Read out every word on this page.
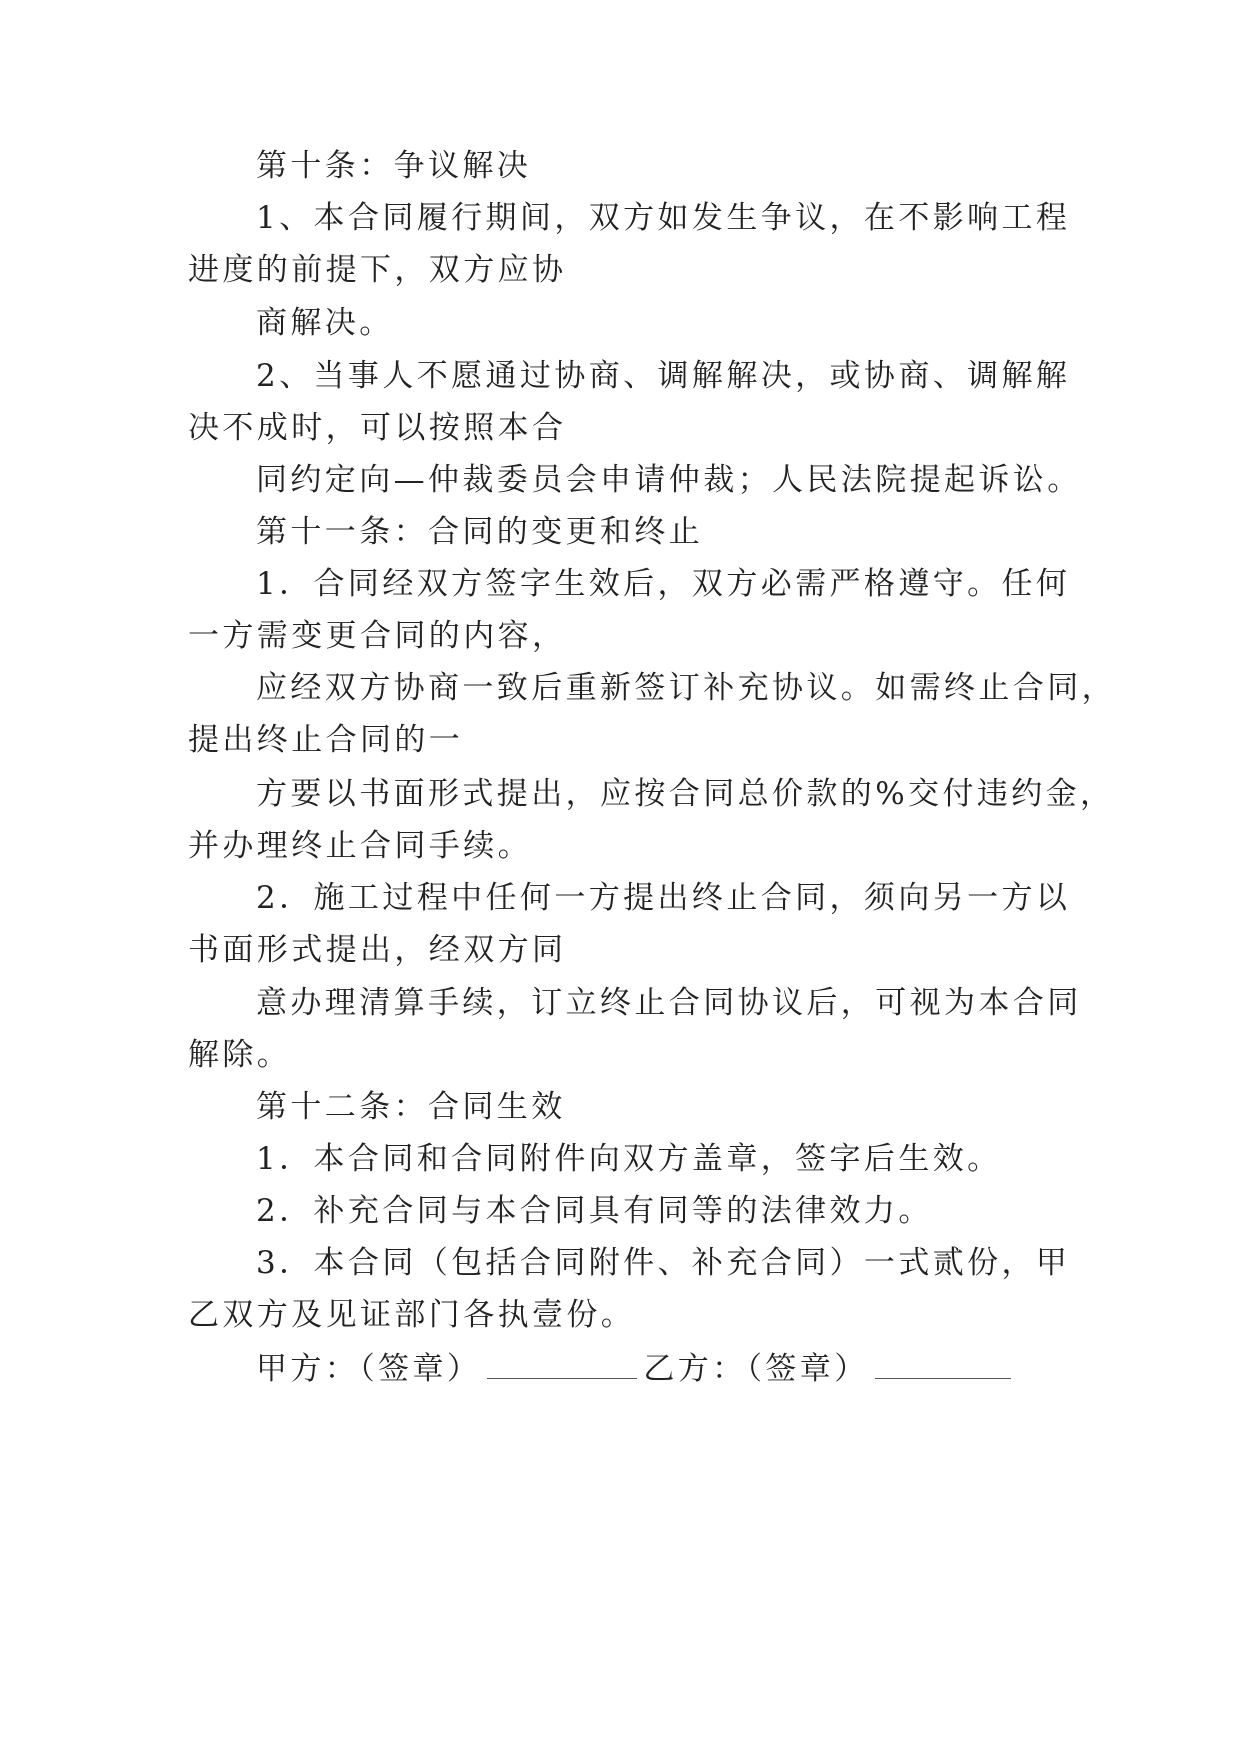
第十条：争议解决
1、本合同履行期间，双方如发生争议，在不影响工程
进度的前提下，双方应协
商解决。
2、当事人不愿通过协商、调解解决，或协商、调解解
决不成时，可以按照本合
同约定向—仲裁委员会申请仲裁；人民法院提起诉讼。
第十一条：合同的变更和终止
1．合同经双方签字生效后，双方必需严格遵守。任何
一方需变更合同的内容，
应经双方协商一致后重新签订补充协议。如需终止合同，
提出终止合同的一
方要以书面形式提出，应按合同总价款的%交付违约金，
并办理终止合同手续。
2．施工过程中任何一方提出终止合同，须向另一方以
书面形式提出，经双方同
意办理清算手续，订立终止合同协议后，可视为本合同
解除。
第十二条：合同生效
1．本合同和合同附件向双方盖章，签字后生效。
2．补充合同与本合同具有同等的法律效力。
3．本合同（包括合同附件、补充合同）一式贰份，甲
乙双方及见证部门各执壹份。
甲方：（签章）	乙方：（签章）
